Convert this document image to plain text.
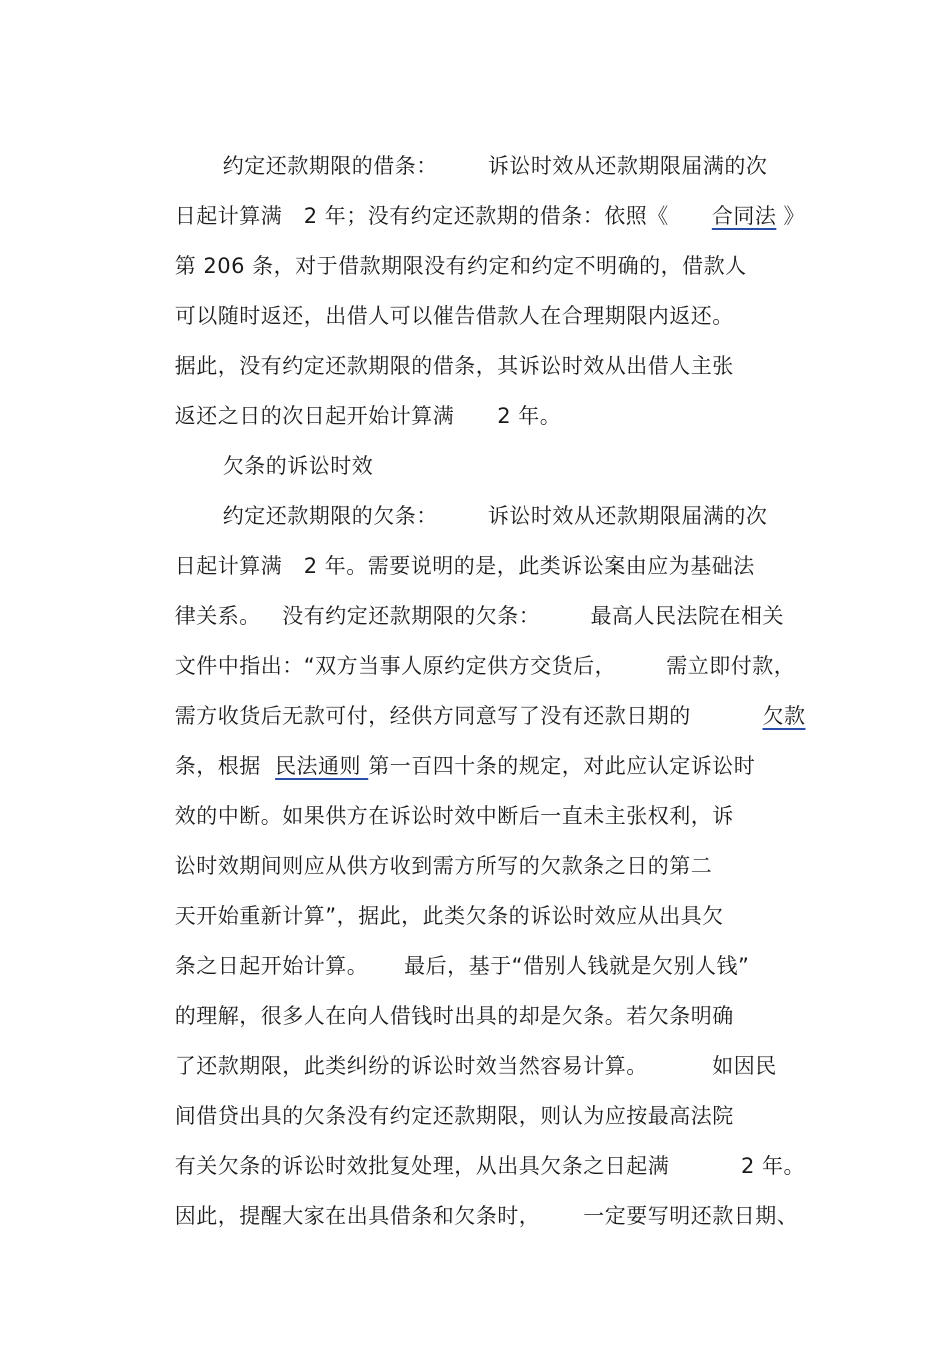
约定还款期限的借条：       诉讼时效从还款期限届满的次

日起计算满   2 年；没有约定还款期的借条：依照《      合同法 》

第 206 条，对于借款期限没有约定和约定不明确的，借款人

可以随时返还，出借人可以催告借款人在合理期限内返还。

据此，没有约定还款期限的借条，其诉讼时效从出借人主张

返还之日的次日起开始计算满      2 年。

欠条的诉讼时效

约定还款期限的欠条：       诉讼时效从还款期限届满的次

日起计算满   2 年。需要说明的是，此类诉讼案由应为基础法

律关系。   没有约定还款期限的欠条：       最高人民法院在相关

文件中指出：“双方当事人原约定供方交货后，       需立即付款，

需方收货后无款可付，经供方同意写了没有还款日期的          欠款

条，根据  民法通则 第一百四十条的规定，对此应认定诉讼时

效的中断。如果供方在诉讼时效中断后一直未主张权利，诉

讼时效期间则应从供方收到需方所写的欠款条之日的第二

天开始重新计算”，据此，此类欠条的诉讼时效应从出具欠

条之日起开始计算。     最后，基于“借别人钱就是欠别人钱”

的理解，很多人在向人借钱时出具的却是欠条。若欠条明确

了还款期限，此类纠纷的诉讼时效当然容易计算。         如因民

间借贷出具的欠条没有约定还款期限，则认为应按最高法院

有关欠条的诉讼时效批复处理，从出具欠条之日起满          2 年。

因此，提醒大家在出具借条和欠条时，      一定要写明还款日期、
